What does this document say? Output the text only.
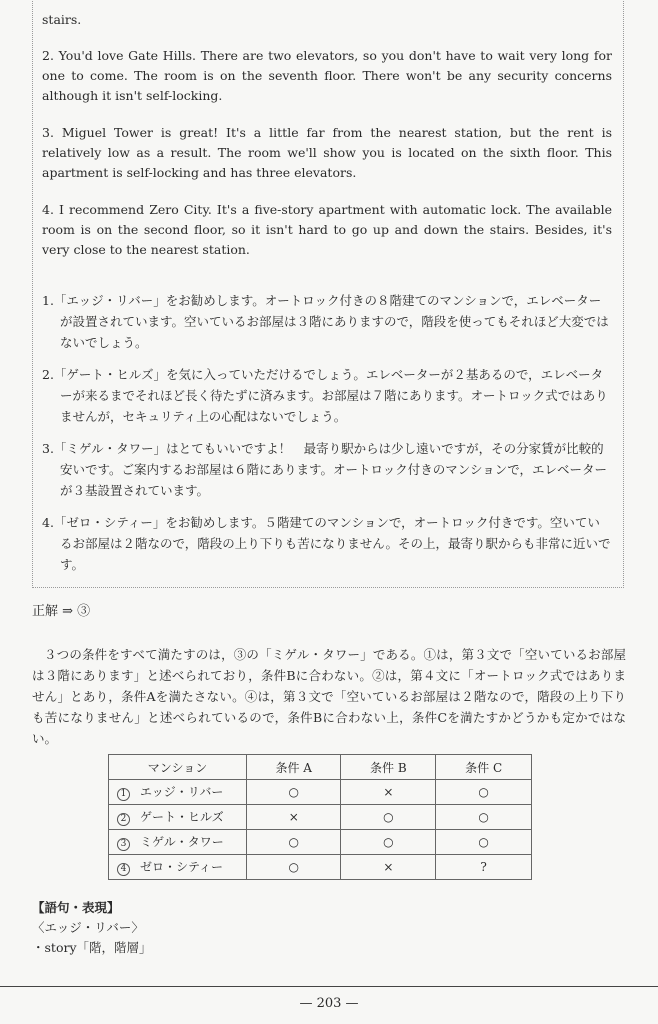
stairs.

2. You'd love Gate Hills. There are two elevators, so you don't have to wait very long for one to come. The room is on the seventh floor. There won't be any security concerns although it isn't self-locking.

3. Miguel Tower is great! It's a little far from the nearest station, but the rent is relatively low as a result. The room we'll show you is located on the sixth floor. This apartment is self-locking and has three elevators.

4. I recommend Zero City. It's a five-story apartment with automatic lock. The available room is on the second floor, so it isn't hard to go up and down the stairs. Besides, it's very close to the nearest station.

1.「エッジ・リバー」をお勧めします。オートロック付きの８階建てのマンションで，エレベーターが設置されています。空いているお部屋は３階にありますので，階段を使ってもそれほど大変ではないでしょう。
2.「ゲート・ヒルズ」を気に入っていただけるでしょう。エレベーターが２基あるので，エレベーターが来るまでそれほど長く待たずに済みます。お部屋は７階にあります。オートロック式ではありませんが，セキュリティ上の心配はないでしょう。
3.「ミゲル・タワー」はとてもいいですよ！　最寄り駅からは少し遠いですが，その分家賃が比較的安いです。ご案内するお部屋は６階にあります。オートロック付きのマンションで，エレベーターが３基設置されています。
4.「ゼロ・シティー」をお勧めします。５階建てのマンションで，オートロック付きです。空いているお部屋は２階なので，階段の上り下りも苦になりません。その上，最寄り駅からも非常に近いです。
正解 ⇒ ③
３つの条件をすべて満たすのは，③の「ミゲル・タワー」である。①は，第３文で「空いているお部屋は３階にあります」と述べられており，条件Bに合わない。②は，第４文に「オートロック式ではありません」とあり，条件Aを満たさない。④は，第３文で「空いているお部屋は２階なので，階段の上り下りも苦になりません」と述べられているので，条件Bに合わない上，条件Cを満たすかどうかも定かではない。
マンション	条件 A	条件 B	条件 C
1 エッジ・リバー	○	×	○
2 ゲート・ヒルズ	×	○	○
3 ミゲル・タワー	○	○	○
4 ゼロ・シティー	○	×	?
【語句・表現】
〈エッジ・リバー〉
・story「階，階層」
— 203 —
